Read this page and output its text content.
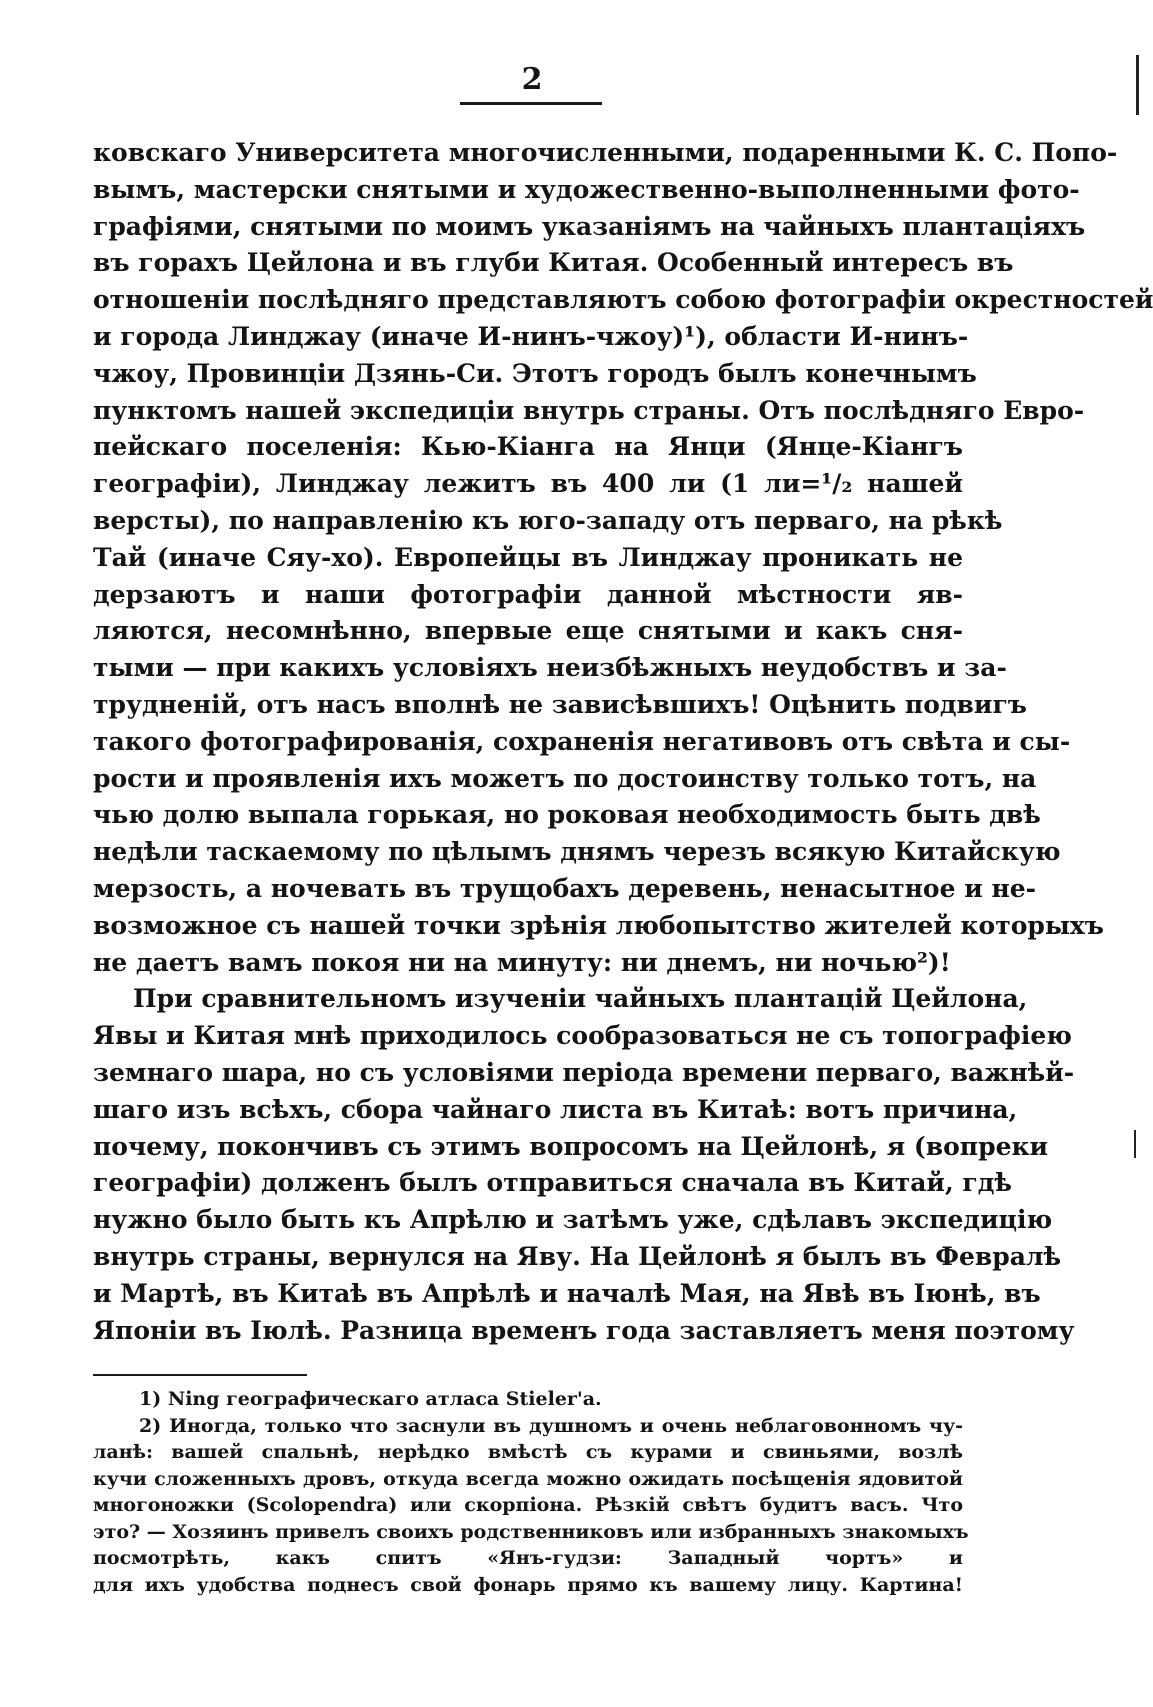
2
ковскаго Университета многочисленными, подаренными К. С. Попо-
вымъ, мастерски снятыми и художественно-выполненными фото-
графіями, снятыми по моимъ указаніямъ на чайныхъ плантаціяхъ
въ горахъ Цейлона и въ глуби Китая. Особенный интересъ въ
отношеніи послѣдняго представляютъ собою фотографіи окрестностей
и города Линджау (иначе И-нинъ-чжоу)¹), области И-нинъ-
чжоу, Провинціи Дзянь-Си. Этотъ городъ былъ конечнымъ
пунктомъ нашей экспедиціи внутрь страны. Отъ послѣдняго Евро-
пейскаго поселенія: Кью-Кіанга на Янци (Янце-Кіангъ
географіи), Линджау лежитъ въ 400 ли (1 ли=¹/₂ нашей
версты), по направленію къ юго-западу отъ перваго, на рѣкѣ
Тай (иначе Сяу-хо). Европейцы въ Линджау проникать не
дерзаютъ и наши фотографіи данной мѣстности яв-
ляются, несомнѣнно, впервые еще снятыми и какъ сня-
тыми — при какихъ условіяхъ неизбѣжныхъ неудобствъ и за-
трудненій, отъ насъ вполнѣ не зависѣвшихъ! Оцѣнить подвигъ
такого фотографированія, сохраненія негативовъ отъ свѣта и сы-
рости и проявленія ихъ можетъ по достоинству только тотъ, на
чью долю выпала горькая, но роковая необходимость быть двѣ
недѣли таскаемому по цѣлымъ днямъ черезъ всякую Китайскую
мерзость, а ночевать въ трущобахъ деревень, ненасытное и не-
возможное съ нашей точки зрѣнія любопытство жителей которыхъ
не даетъ вамъ покоя ни на минуту: ни днемъ, ни ночью²)!
При сравнительномъ изученіи чайныхъ плантацій Цейлона,
Явы и Китая мнѣ приходилось сообразоваться не съ топографіею
земнаго шара, но съ условіями періода времени перваго, важнѣй-
шаго изъ всѣхъ, сбора чайнаго листа въ Китаѣ: вотъ причина,
почему, покончивъ съ этимъ вопросомъ на Цейлонѣ, я (вопреки
географіи) долженъ былъ отправиться сначала въ Китай, гдѣ
нужно было быть къ Апрѣлю и затѣмъ уже, сдѣлавъ экспедицію
внутрь страны, вернулся на Яву. На Цейлонѣ я былъ въ Февралѣ
и Мартѣ, въ Китаѣ въ Апрѣлѣ и началѣ Мая, на Явѣ въ Іюнѣ, въ
Японіи въ Іюлѣ. Разница временъ года заставляетъ меня поэтому
1) Ning географическаго атласа Stieler'a.
2) Иногда, только что заснули въ душномъ и очень неблаговонномъ чу-
ланѣ: вашей спальнѣ, нерѣдко вмѣстѣ съ курами и свиньями, возлѣ
кучи сложенныхъ дровъ, откуда всегда можно ожидать посѣщенія ядовитой
многоножки (Scolopendra) или скорпіона. Рѣзкій свѣтъ будитъ васъ. Что
это? — Хозяинъ привелъ своихъ родственниковъ или избранныхъ знакомыхъ
посмотрѣть, какъ спитъ «Янъ-гудзи: Западный чортъ» и
для ихъ удобства поднесъ свой фонарь прямо къ вашему лицу. Картина!
